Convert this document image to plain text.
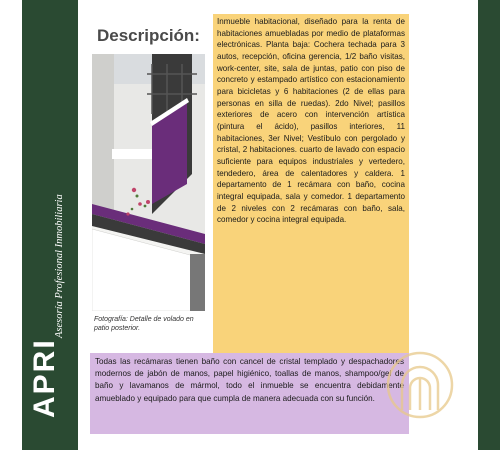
APRI
Asesoría Profesional Inmobiliaria
Descripción:
Fotografía: Detalle de volado en patio posterior.

Inmueble habitacional, diseñado para la renta de habitaciones amuebladas por medio de plataformas electrónicas. Planta baja: Cochera techada para 3 autos, recepción, oficina gerencia, 1/2 baño visitas, work-center, site, sala de juntas, patio con piso de concreto y estampado artístico con estacionamiento para bicicletas y 6 habitaciones (2 de ellas para personas en silla de ruedas). 2do Nivel; pasillos exteriores de acero con intervención artística (pintura el ácido), pasillos interiores, 11 habitaciones, 3er Nivel; Vestíbulo con pergolado y cristal, 2 habitaciones. cuarto de lavado con espacio suficiente para equipos industriales y vertedero, tendedero, área de calentadores y caldera. 1 departamento de 1 recámara con baño, cocina integral equipada, sala y comedor. 1 departamento de 2 niveles con 2 recámaras con baño, sala, comedor y cocina integral equipada.

Todas las recámaras tienen baño con cancel de cristal templado y despachadores modernos de jabón de manos, papel higiénico, toallas de manos, shampoo/gel de baño y lavamanos de mármol, todo el inmueble se encuentra debidamente amueblado y equipado para que cumpla de manera adecuada con su función.
